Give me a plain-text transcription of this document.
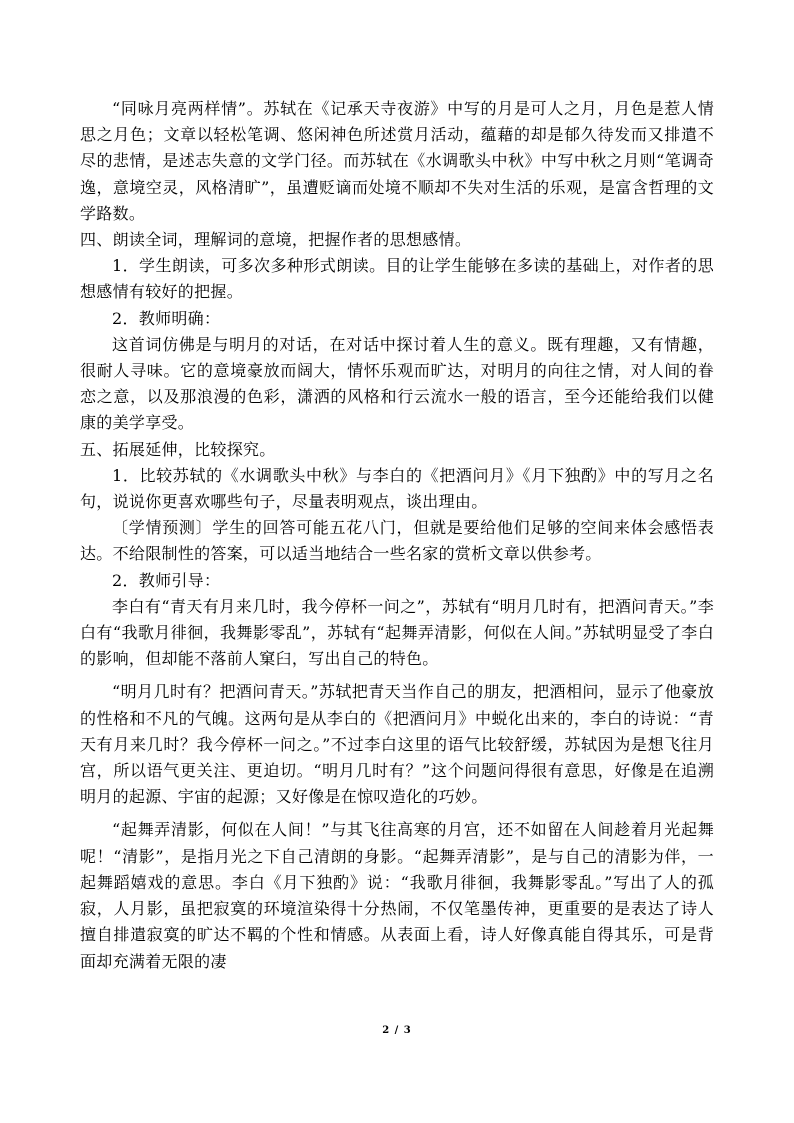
“同咏月亮两样情”。苏轼在《记承天寺夜游》中写的月是可人之月，月色是惹人情思之月色；文章以轻松笔调、悠闲神色所述赏月活动，蕴藉的却是郁久待发而又排遣不尽的悲情，是述志失意的文学门径。而苏轼在《水调歌头中秋》中写中秋之月则“笔调奇逸，意境空灵，风格清旷”，虽遭贬谪而处境不顺却不失对生活的乐观，是富含哲理的文学路数。

四、朗读全词，理解词的意境，把握作者的思想感情。

1．学生朗读，可多次多种形式朗读。目的让学生能够在多读的基础上，对作者的思想感情有较好的把握。

2．教师明确：

这首词仿佛是与明月的对话，在对话中探讨着人生的意义。既有理趣，又有情趣，很耐人寻味。它的意境豪放而阔大，情怀乐观而旷达，对明月的向往之情，对人间的眷恋之意，以及那浪漫的色彩，潇洒的风格和行云流水一般的语言，至今还能给我们以健康的美学享受。

五、拓展延伸，比较探究。

1．比较苏轼的《水调歌头中秋》与李白的《把酒问月》《月下独酌》中的写月之名句，说说你更喜欢哪些句子，尽量表明观点，谈出理由。

〔学情预测〕学生的回答可能五花八门，但就是要给他们足够的空间来体会感悟表达。不给限制性的答案，可以适当地结合一些名家的赏析文章以供参考。

2．教师引导：

李白有“青天有月来几时，我今停杯一问之”，苏轼有“明月几时有，把酒问青天。”李白有“我歌月徘徊，我舞影零乱”，苏轼有“起舞弄清影，何似在人间。”苏轼明显受了李白的影响，但却能不落前人窠臼，写出自己的特色。

“明月几时有？把酒问青天。”苏轼把青天当作自己的朋友，把酒相问，显示了他豪放的性格和不凡的气魄。这两句是从李白的《把酒问月》中蜕化出来的，李白的诗说：“青天有月来几时？我今停杯一问之。”不过李白这里的语气比较舒缓，苏轼因为是想飞往月宫，所以语气更关注、更迫切。“明月几时有？”这个问题问得很有意思，好像是在追溯明月的起源、宇宙的起源；又好像是在惊叹造化的巧妙。

“起舞弄清影，何似在人间！”与其飞往高寒的月宫，还不如留在人间趁着月光起舞呢！“清影”，是指月光之下自己清朗的身影。“起舞弄清影”，是与自己的清影为伴，一起舞蹈嬉戏的意思。李白《月下独酌》说：“我歌月徘徊，我舞影零乱。”写出了人的孤寂，人月影，虽把寂寞的环境渲染得十分热闹，不仅笔墨传神，更重要的是表达了诗人擅自排遣寂寞的旷达不羁的个性和情感。从表面上看，诗人好像真能自得其乐，可是背面却充满着无限的凄

2 / 3
